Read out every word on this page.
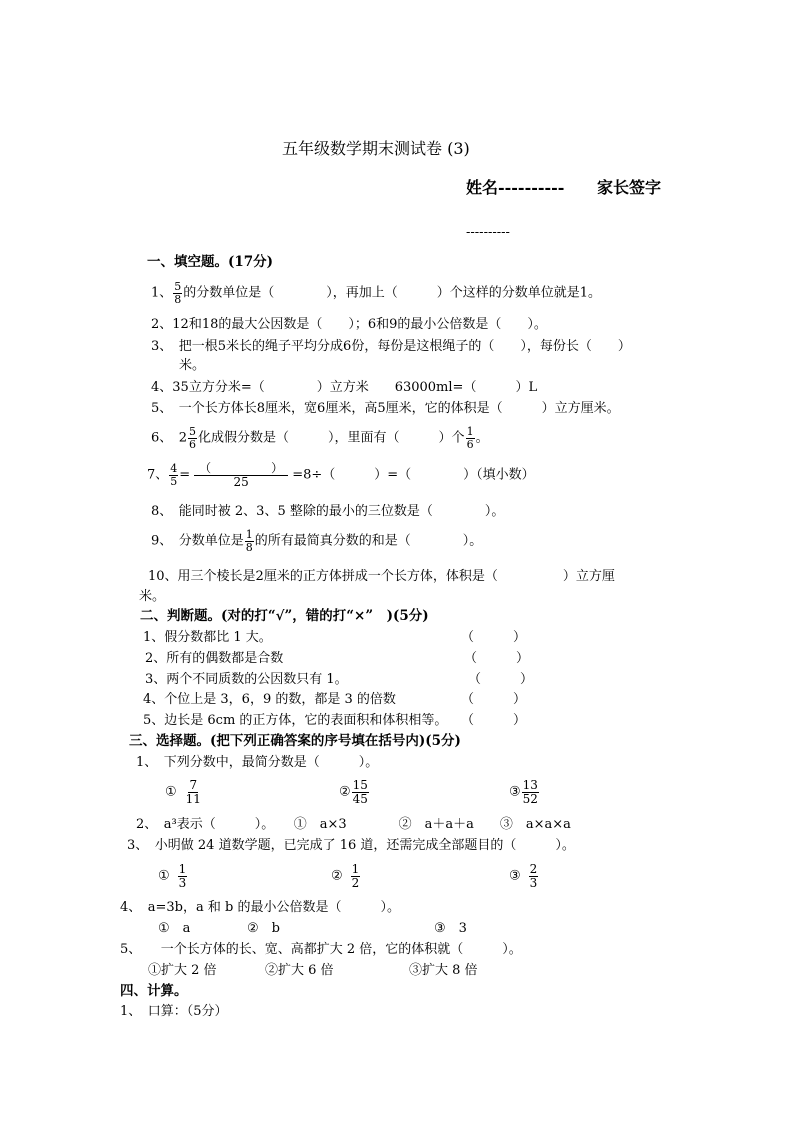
五年级数学期末测试卷 (3)
姓名---------- 家长签字
----------
一、填空题。(17分)
1、 $\frac{5}{8}$ 的分数单位是（　　　　），再加上（　　　）个这样的分数单位就是1。
2、12和18的最大公因数是（　　）；6和9的最小公倍数是（　　）。
3、　把一根5米长的绳子平均分成6份，每份是这根绳子的（　　），每份长（　　）
米。
4、35立方分米=（　　　　）立方米　　63000ml=（　　　）L
5、　一个长方体长8厘米，宽6厘米，高5厘米，它的体积是（　　　）立方厘米。
6、　$2 \frac{5}{6}$ 化成假分数是（　　　），里面有（　　　）个 $\frac{1}{6}$ 。
7、 $\frac{4}{5} = \frac{( )}{25} =8\div$（　　　）=（　　　　）（填小数）
8、　能同时被 2、3、5 整除的最小的三位数是（　　　　）。
9、　分数单位是 $\frac{1}{8}$ 的所有最简真分数的和是（　　　　）。
10、用三个棱长是2厘米的正方体拼成一个长方体，体积是（　　　　　）立方厘
米。
二、判断题。(对的打“√”，错的打“×”　)(5分)
1、假分数都比 1 大。	（　　　）
2、所有的偶数都是合数	（　　　）
3、两个不同质数的公因数只有 1。	（　　　）
4、个位上是 3，6，9 的数，都是 3 的倍数	（　　　）
5、边长是 6cm 的正方体，它的表面积和体积相等。 （　　　）
三、选择题。(把下列正确答案的序号填在括号内)(5分)
1、　下列分数中，最简分数是（　　　）。
① $\frac{7}{11}$	② $\frac{15}{45}$	③ $\frac{13}{52}$
2、　a³表示（　　　）。　　①　a×3　　　　②　a＋a＋a　　③　a×a×a
3、　小明做 24 道数学题，已完成了 16 道，还需完成全部题目的（　　　）。
① $\frac{1}{3}$	② $\frac{1}{2}$	③ $\frac{2}{3}$
4、　a=3b，a 和 b 的最小公倍数是（　　　）。
①　a	②　b	③　3
5、　　一个长方体的长、宽、高都扩大 2 倍，它的体积就（　　　）。
①扩大 2 倍	②扩大 6 倍	③扩大 8 倍
四、计算。
1、　口算：（5分）
